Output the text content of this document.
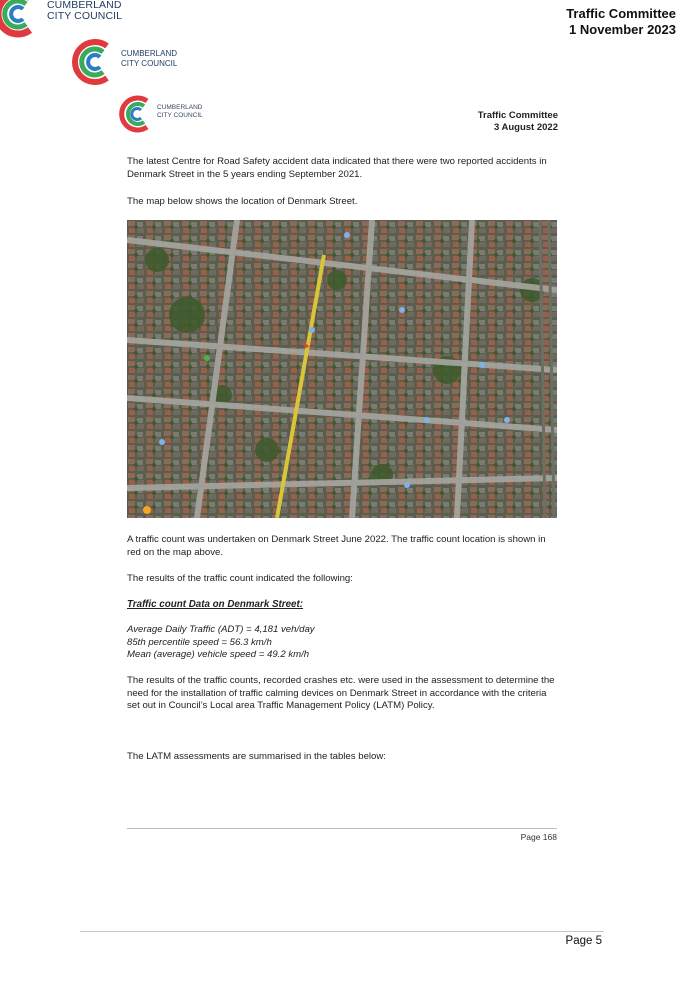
CUMBERLAND
CITY COUNCIL	Traffic Committee
1 November 2023
CUMBERLAND
CITY COUNCIL
CUMBERLAND
CITY COUNCIL	Traffic Committee
3 August 2022
The latest Centre for Road Safety accident data indicated that there were two reported accidents in Denmark Street in the 5 years ending September 2021.
The map below shows the location of Denmark Street.
A traffic count was undertaken on Denmark Street June 2022. The traffic count location is shown in red on the map above.
The results of the traffic count indicated the following:
Traffic count Data on Denmark Street:
Average Daily Traffic (ADT) = 4,181 veh/day
85th percentile speed = 56.3 km/h
Mean (average) vehicle speed = 49.2 km/h
The results of the traffic counts, recorded crashes etc. were used in the assessment to determine the need for the installation of traffic calming devices on Denmark Street in accordance with the criteria set out in Council’s Local area Traffic Management Policy (LATM) Policy.
The LATM assessments are summarised in the tables below:
Page 168
Page 5
